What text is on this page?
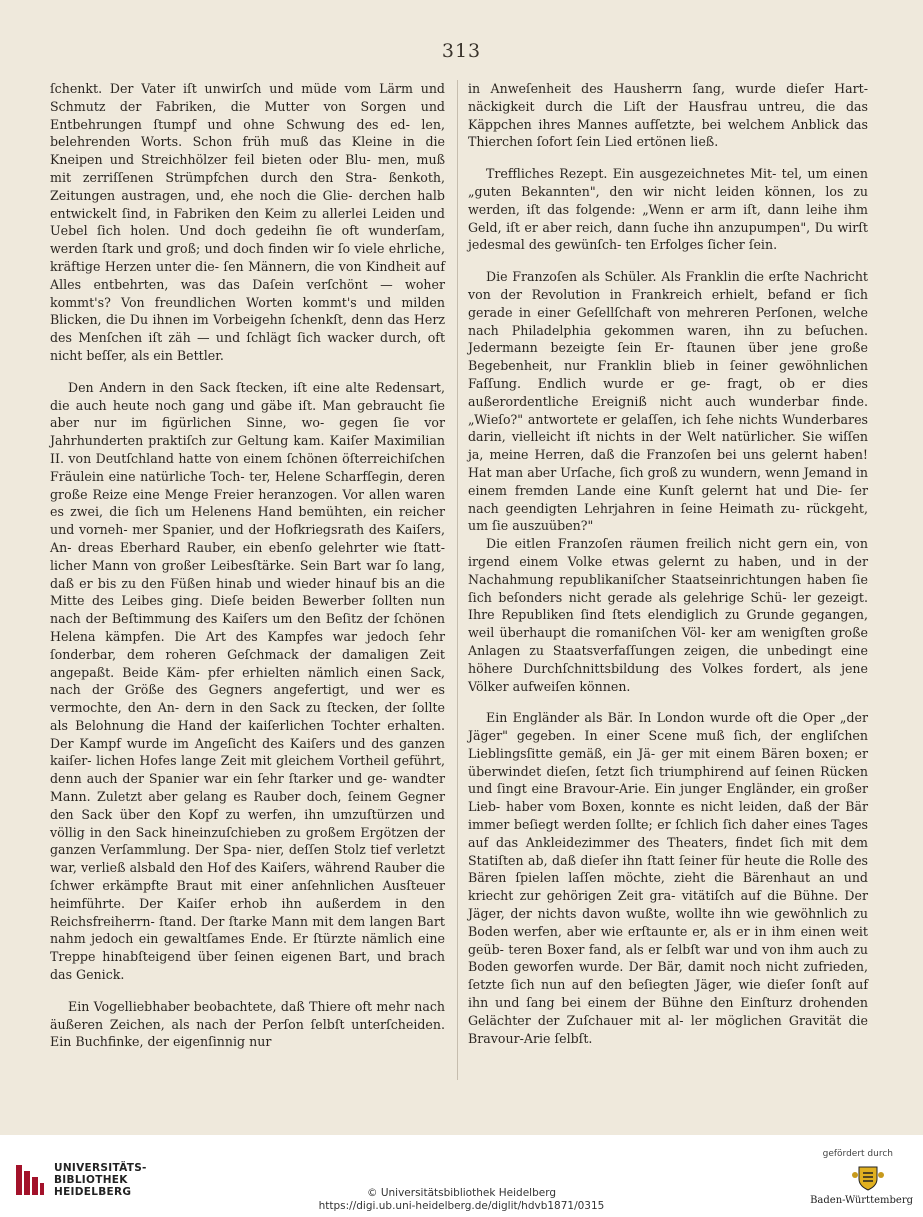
313

ſchenkt. Der Vater iſt unwirſch und müde vom Lärm und Schmutz der Fabriken, die Mutter von Sorgen und Entbehrungen ſtumpf und ohne Schwung des ed- len, belehrenden Worts. Schon früh muß das Kleine in die Kneipen und Streichhölzer feil bieten oder Blu- men, muß mit zerriſſenen Strümpfchen durch den Stra- ßenkoth, Zeitungen austragen, und, ehe noch die Glie- derchen halb entwickelt ſind, in Fabriken den Keim zu allerlei Leiden und Uebel ſich holen. Und doch gedeihn ſie oft wunderſam, werden ſtark und groß; und doch finden wir ſo viele ehrliche, kräftige Herzen unter die- ſen Männern, die von Kindheit auf Alles entbehrten, was das Daſein verſchönt — woher kommt's? Von freundlichen Worten kommt's und milden Blicken, die Du ihnen im Vorbeigehn ſchenkſt, denn das Herz des Menſchen iſt zäh — und ſchlägt ſich wacker durch, oft nicht beſſer, als ein Bettler.

Den Andern in den Sack ſtecken, iſt eine alte Redensart, die auch heute noch gang und gäbe iſt. Man gebraucht ſie aber nur im figürlichen Sinne, wo- gegen ſie vor Jahrhunderten praktiſch zur Geltung kam. Kaiſer Maximilian II. von Deutſchland hatte von einem ſchönen öſterreichiſchen Fräulein eine natürliche Toch- ter, Helene Scharfſegin, deren große Reize eine Menge Freier heranzogen. Vor allen waren es zwei, die ſich um Helenens Hand bemühten, ein reicher und vorneh- mer Spanier, und der Hofkriegsrath des Kaiſers, An- dreas Eberhard Rauber, ein ebenſo gelehrter wie ſtatt- licher Mann von großer Leibesſtärke. Sein Bart war ſo lang, daß er bis zu den Füßen hinab und wieder hinauf bis an die Mitte des Leibes ging. Dieſe beiden Bewerber ſollten nun nach der Beſtimmung des Kaiſers um den Beſitz der ſchönen Helena kämpfen. Die Art des Kampfes war jedoch ſehr ſonderbar, dem roheren Geſchmack der damaligen Zeit angepaßt. Beide Käm- pfer erhielten nämlich einen Sack, nach der Größe des Gegners angefertigt, und wer es vermochte, den An- dern in den Sack zu ſtecken, der ſollte als Belohnung die Hand der kaiſerlichen Tochter erhalten. Der Kampf wurde im Angeſicht des Kaiſers und des ganzen kaiſer- lichen Hofes lange Zeit mit gleichem Vortheil geführt, denn auch der Spanier war ein ſehr ſtarker und ge- wandter Mann. Zuletzt aber gelang es Rauber doch, ſeinem Gegner den Sack über den Kopf zu werfen, ihn umzuſtürzen und völlig in den Sack hineinzuſchieben zu großem Ergötzen der ganzen Verſammlung. Der Spa- nier, deſſen Stolz tief verletzt war, verließ alsbald den Hof des Kaiſers, während Rauber die ſchwer erkämpfte Braut mit einer anſehnlichen Ausſteuer heimführte. Der Kaiſer erhob ihn außerdem in den Reichsfreiherrn- ſtand. Der ſtarke Mann mit dem langen Bart nahm jedoch ein gewaltſames Ende. Er ſtürzte nämlich eine Treppe hinabſteigend über ſeinen eigenen Bart, und brach das Genick.

Ein Vogelliebhaber beobachtete, daß Thiere oft mehr nach äußeren Zeichen, als nach der Perſon ſelbſt unterſcheiden. Ein Buchfinke, der eigenſinnig nur

in Anweſenheit des Hausherrn ſang, wurde dieſer Hart- näckigkeit durch die Liſt der Hausfrau untreu, die das Käppchen ihres Mannes aufſetzte, bei welchem Anblick das Thierchen ſofort ſein Lied ertönen ließ.

Treffliches Rezept. Ein ausgezeichnetes Mit- tel, um einen „guten Bekannten", den wir nicht leiden können, los zu werden, iſt das folgende: „Wenn er arm iſt, dann leihe ihm Geld, iſt er aber reich, dann ſuche ihn anzupumpen", Du wirſt jedesmal des gewünſch- ten Erfolges ſicher ſein.

Die Franzoſen als Schüler. Als Franklin die erſte Nachricht von der Revolution in Frankreich erhielt, befand er ſich gerade in einer Geſellſchaft von mehreren Perſonen, welche nach Philadelphia gekommen waren, ihn zu beſuchen. Jedermann bezeigte ſein Er- ſtaunen über jene große Begebenheit, nur Franklin blieb in ſeiner gewöhnlichen Faſſung. Endlich wurde er ge- fragt, ob er dies außerordentliche Ereigniß nicht auch wunderbar finde. „Wieſo?" antwortete er gelaſſen, ich ſehe nichts Wunderbares darin, vielleicht iſt nichts in der Welt natürlicher. Sie wiſſen ja, meine Herren, daß die Franzoſen bei uns gelernt haben! Hat man aber Urſache, ſich groß zu wundern, wenn Jemand in einem fremden Lande eine Kunſt gelernt hat und Die- ſer nach geendigten Lehrjahren in ſeine Heimath zu- rückgeht, um ſie auszuüben?"

Die eitlen Franzoſen räumen freilich nicht gern ein, von irgend einem Volke etwas gelernt zu haben, und in der Nachahmung republikaniſcher Staatseinrichtungen haben ſie ſich beſonders nicht gerade als gelehrige Schü- ler gezeigt. Ihre Republiken ſind ſtets elendiglich zu Grunde gegangen, weil überhaupt die romaniſchen Völ- ker am wenigſten große Anlagen zu Staatsverfaſſungen zeigen, die unbedingt eine höhere Durchſchnittsbildung des Volkes fordert, als jene Völker aufweiſen können.

Ein Engländer als Bär. In London wurde oft die Oper „der Jäger" gegeben. In einer Scene muß ſich, der engliſchen Lieblingsſitte gemäß, ein Jä- ger mit einem Bären boxen; er überwindet dieſen, ſetzt ſich triumphirend auf ſeinen Rücken und ſingt eine Bravour-Arie. Ein junger Engländer, ein großer Lieb- haber vom Boxen, konnte es nicht leiden, daß der Bär immer beſiegt werden ſollte; er ſchlich ſich daher eines Tages auf das Ankleidezimmer des Theaters, findet ſich mit dem Statiſten ab, daß dieſer ihn ſtatt ſeiner für heute die Rolle des Bären ſpielen laſſen möchte, zieht die Bärenhaut an und kriecht zur gehörigen Zeit gra- vitätiſch auf die Bühne. Der Jäger, der nichts davon wußte, wollte ihn wie gewöhnlich zu Boden werfen, aber wie erſtaunte er, als er in ihm einen weit geüb- teren Boxer fand, als er ſelbſt war und von ihm auch zu Boden geworfen wurde. Der Bär, damit noch nicht zufrieden, ſetzte ſich nun auf den beſiegten Jäger, wie dieſer ſonſt auf ihn und ſang bei einem der Bühne den Einſturz drohenden Gelächter der Zuſchauer mit al- ler möglichen Gravität die Bravour-Arie ſelbſt.

UNIVERSITÄTS-
BIBLIOTHEK
HEIDELBERG	© Universitätsbibliothek Heidelberg
https://digi.ub.uni-heidelberg.de/diglit/hdvb1871/0315
gefördert durch
Baden-Württemberg
